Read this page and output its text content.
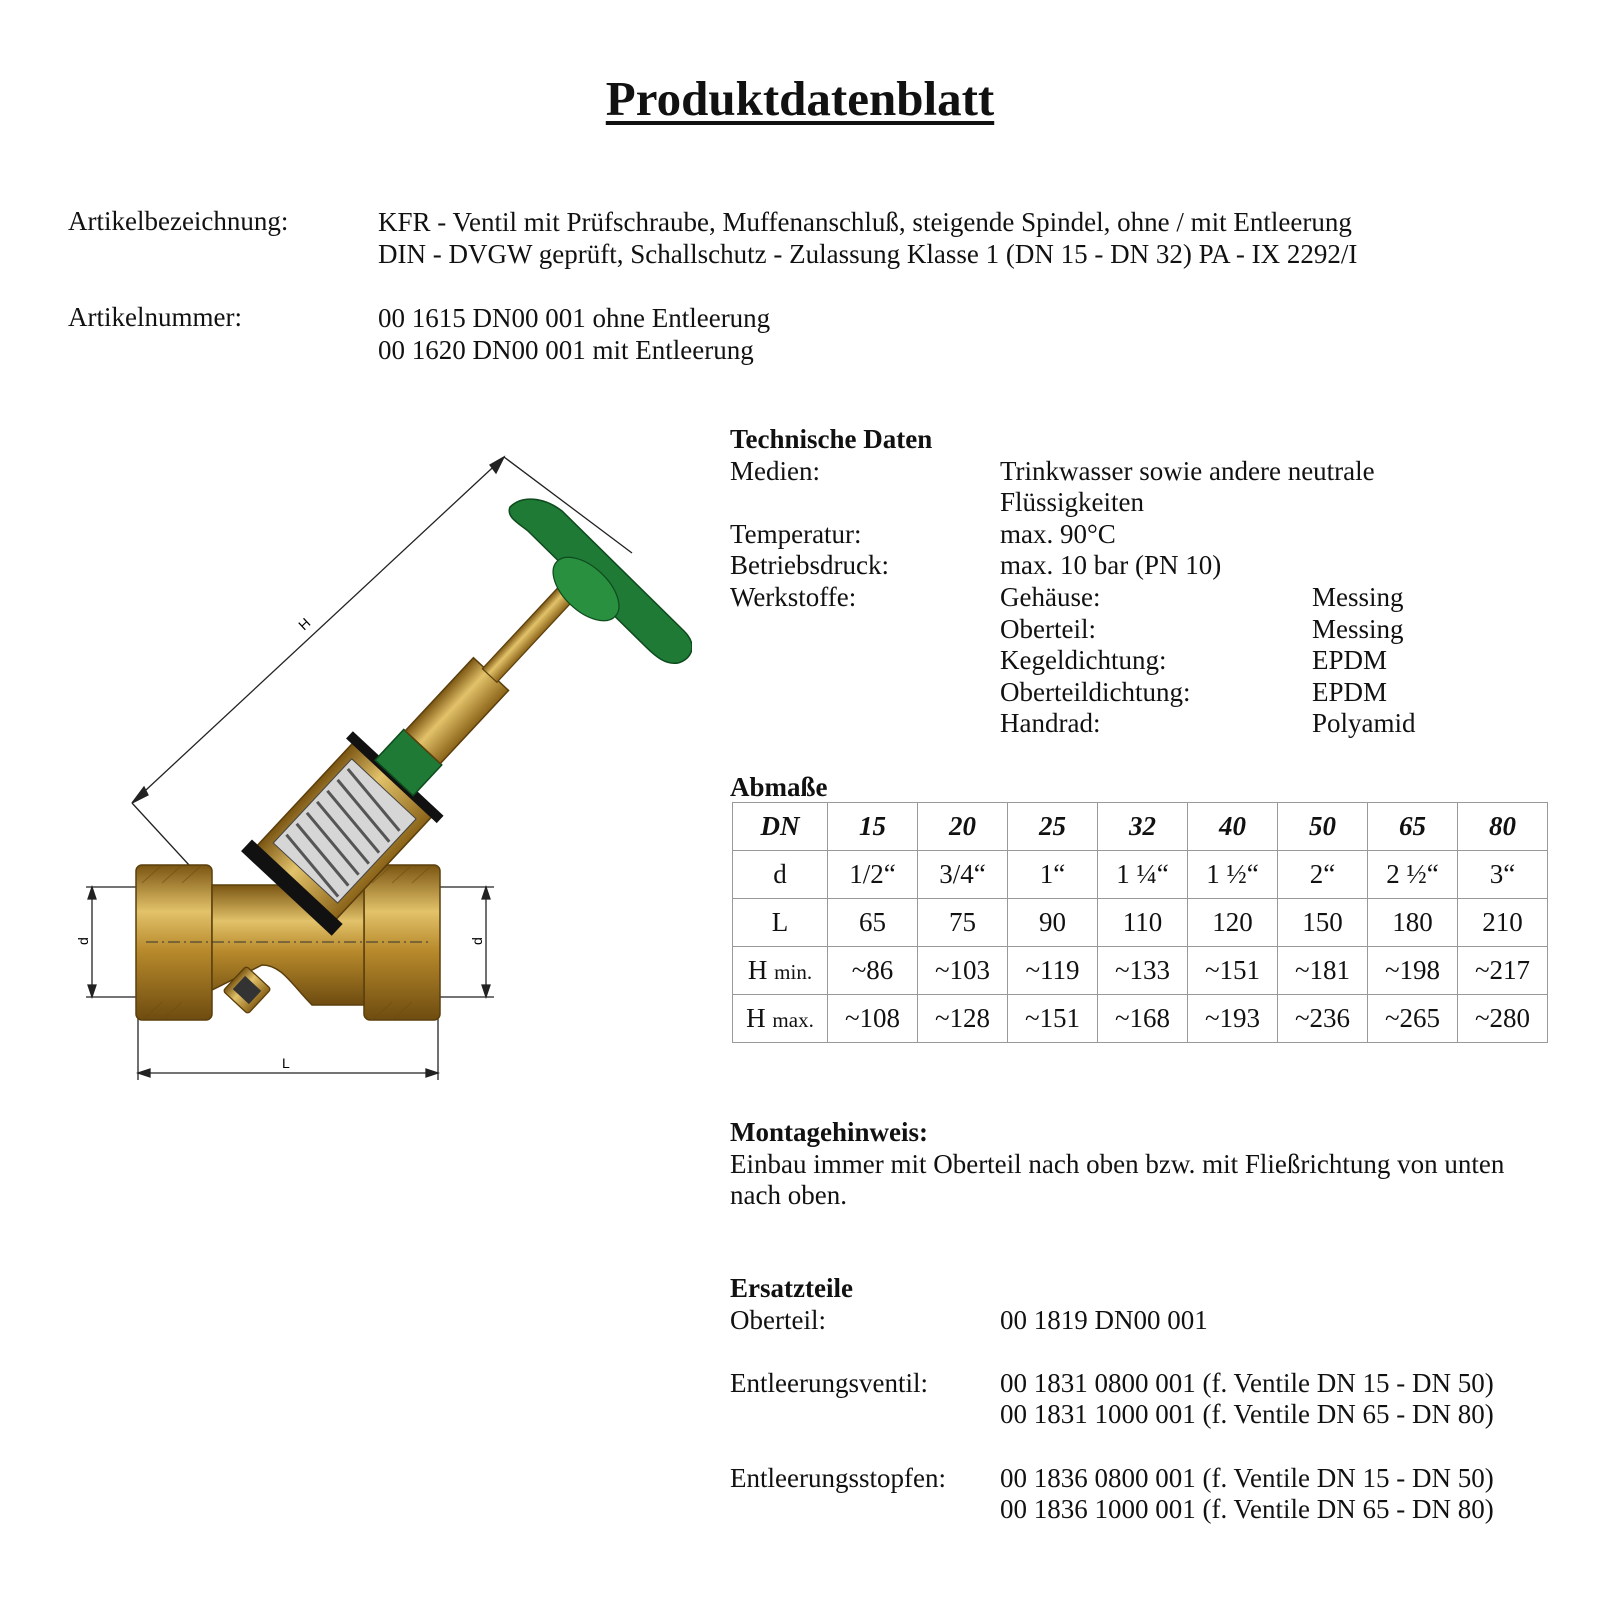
Produktdatenblatt
Artikelbezeichnung:	KFR - Ventil mit Prüfschraube, Muffenanschluß, steigende Spindel, ohne / mit Entleerung
DIN - DVGW geprüft, Schallschutz - Zulassung Klasse 1 (DN 15 - DN 32) PA - IX 2292/I
Artikelnummer:	00 1615 DN00 001 ohne Entleerung
00 1620 DN00 001 mit Entleerung
H
L
d	d
Technische Daten
Medien:	Trinkwasser sowie andere neutrale
Flüssigkeiten
Temperatur:	max. 90°C
Betriebsdruck:	max. 10 bar (PN 10)
Werkstoffe:	Gehäuse:	Messing
Oberteil:	Messing
Kegeldichtung:	EPDM
Oberteildichtung:	EPDM
Handrad:	Polyamid
Abmaße
DN	15	20	25	32	40	50	65	80
d	1/2“	3/4“	1“	1 ¼“	1 ½“	2“	2 ½“	3“
L	65	75	90	110	120	150	180	210
H min.	~86	~103	~119	~133	~151	~181	~198	~217
H max.	~108	~128	~151	~168	~193	~236	~265	~280
Montagehinweis:
Einbau immer mit Oberteil nach oben bzw. mit Fließrichtung von unten nach oben.
Ersatzteile
Oberteil:	00 1819 DN00 001
Entleerungsventil:	00 1831 0800 001 (f. Ventile DN 15 - DN 50)
00 1831 1000 001 (f. Ventile DN 65 - DN 80)
Entleerungsstopfen: 00 1836 0800 001 (f. Ventile DN 15 - DN 50)
00 1836 1000 001 (f. Ventile DN 65 - DN 80)
